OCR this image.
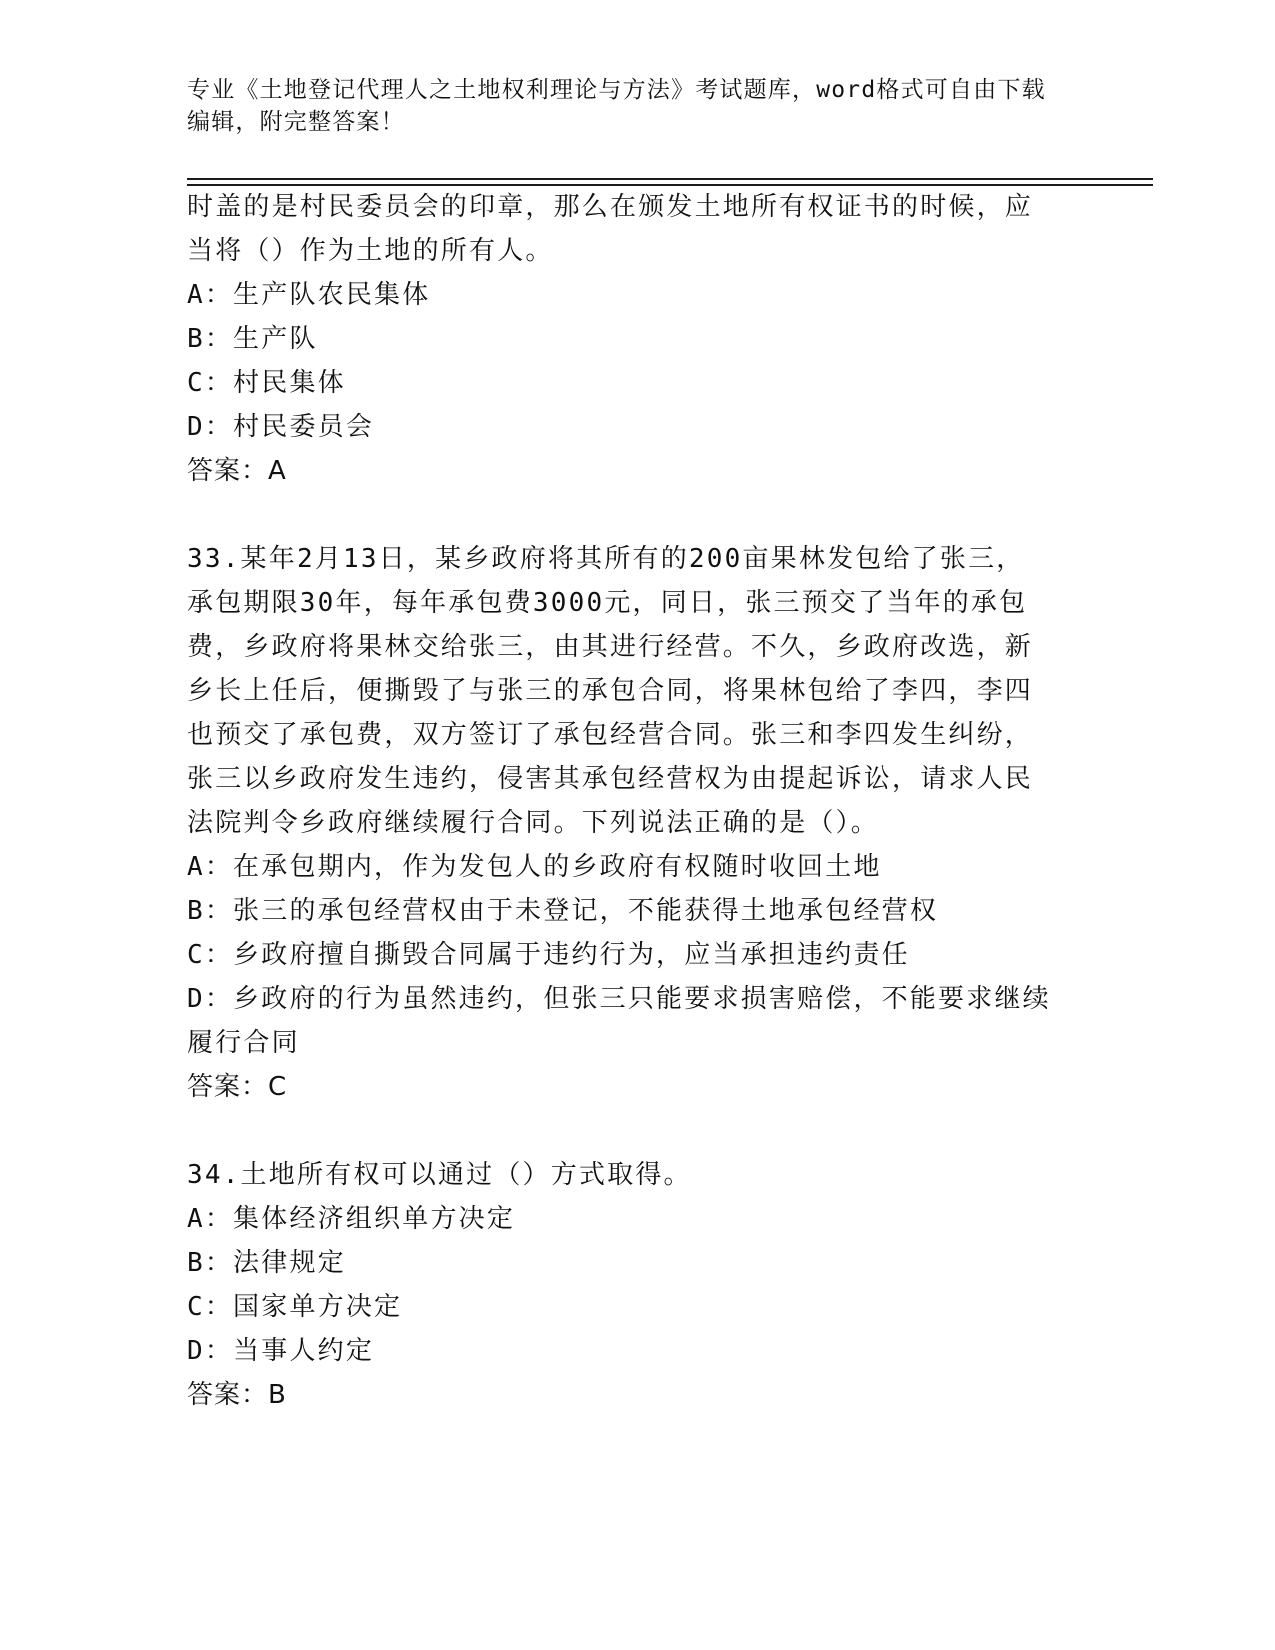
专业《土地登记代理人之土地权利理论与方法》考试题库，word格式可自由下载
编辑，附完整答案！
时盖的是村民委员会的印章，那么在颁发土地所有权证书的时候，应
当将（）作为土地的所有人。
A：生产队农民集体
B：生产队
C：村民集体
D：村民委员会
答案：A
33.某年2月13日，某乡政府将其所有的200亩果林发包给了张三，
承包期限30年，每年承包费3000元，同日，张三预交了当年的承包
费，乡政府将果林交给张三，由其进行经营。不久，乡政府改选，新
乡长上任后，便撕毁了与张三的承包合同，将果林包给了李四，李四
也预交了承包费，双方签订了承包经营合同。张三和李四发生纠纷，
张三以乡政府发生违约，侵害其承包经营权为由提起诉讼，请求人民
法院判令乡政府继续履行合同。下列说法正确的是（）。
A：在承包期内，作为发包人的乡政府有权随时收回土地
B：张三的承包经营权由于未登记，不能获得土地承包经营权
C：乡政府擅自撕毁合同属于违约行为，应当承担违约责任
D：乡政府的行为虽然违约，但张三只能要求损害赔偿，不能要求继续
履行合同
答案：C
34.土地所有权可以通过（）方式取得。
A：集体经济组织单方决定
B：法律规定
C：国家单方决定
D：当事人约定
答案：B
